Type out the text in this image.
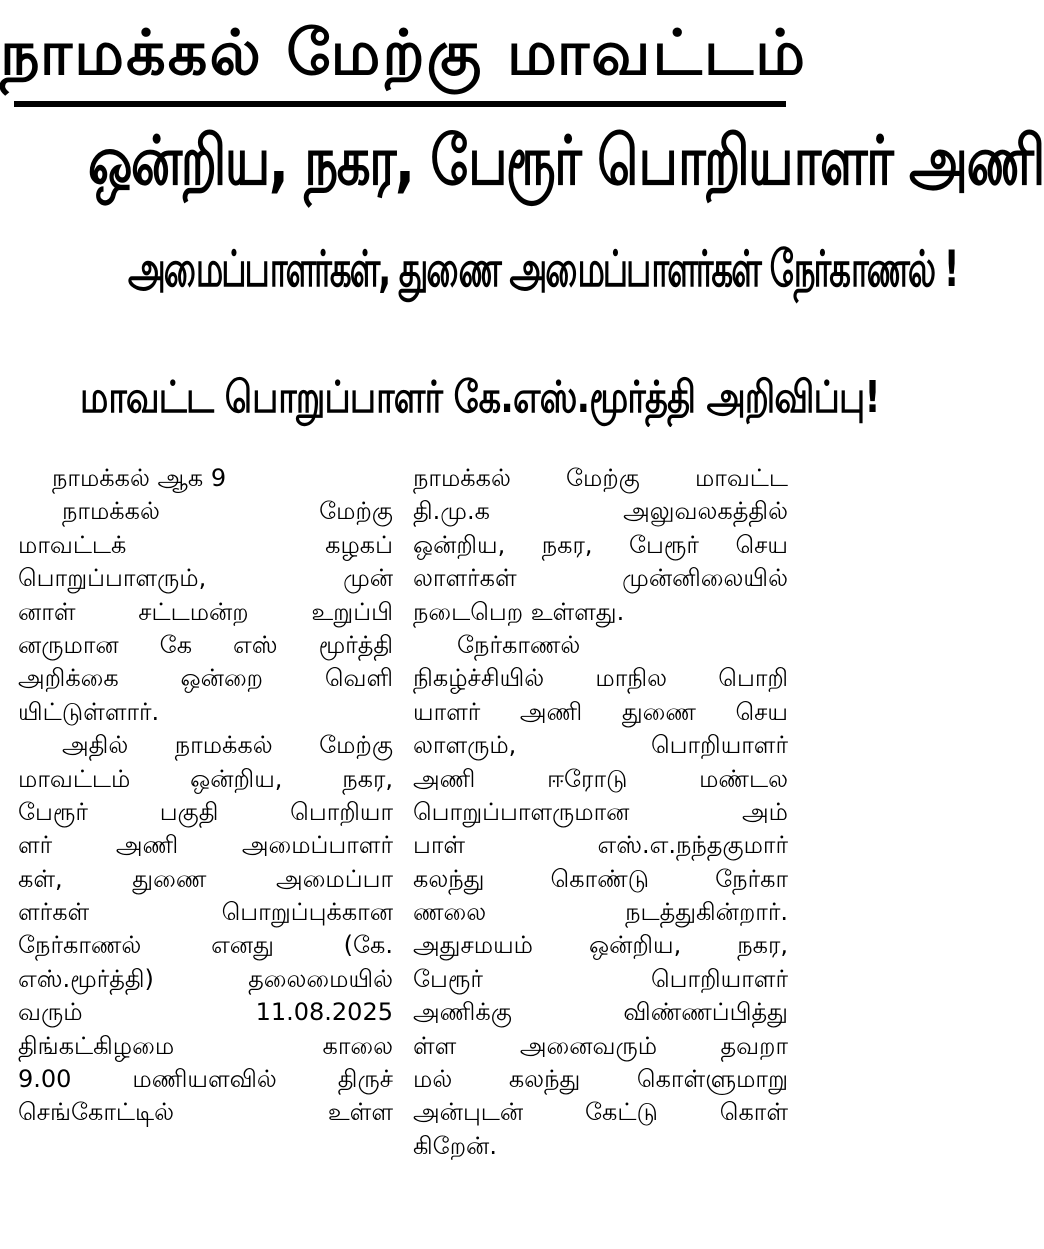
நாமக்கல் மேற்கு மாவட்டம்
ஒன்றிய, நகர, பேரூர் பொறியாளர் அணி
அமைப்பாளர்கள், துணை அமைப்பாளர்கள் நேர்காணல் !
மாவட்ட பொறுப்பாளர் கே.எஸ்.மூர்த்தி அறிவிப்பு!
நாமக்கல் ஆக 9
நாமக்கல் மேற்கு
மாவட்டக் கழகப்
பொறுப்பாளரும், முன்
னாள் சட்டமன்ற உறுப்பி
னருமான கே எஸ் மூர்த்தி
அறிக்கை ஒன்றை வெளி
யிட்டுள்ளார்.
அதில் நாமக்கல் மேற்கு
மாவட்டம் ஒன்றிய, நகர,
பேரூர் பகுதி பொறியா
ளர் அணி அமைப்பாளர்
கள், துணை அமைப்பா
ளர்கள் பொறுப்புக்கான
நேர்காணல் எனது (கே.
எஸ்.மூர்த்தி) தலைமையில்
வரும் 11.08.2025
திங்கட்கிழமை காலை
9.00 மணியளவில் திருச்
செங்கோட்டில் உள்ள
நாமக்கல் மேற்கு மாவட்ட
தி.மு.க அலுவலகத்தில்
ஒன்றிய, நகர, பேரூர் செய
லாளர்கள் முன்னிலையில்
நடைபெற உள்ளது.
நேர்காணல்
நிகழ்ச்சியில் மாநில பொறி
யாளர் அணி துணை செய
லாளரும், பொறியாளர்
அணி ஈரோடு மண்டல
பொறுப்பாளருமான அம்
பாள் எஸ்.எ.நந்தகுமார்
கலந்து கொண்டு நேர்கா
ணலை நடத்துகின்றார்.
அதுசமயம் ஒன்றிய, நகர,
பேரூர் பொறியாளர்
அணிக்கு விண்ணப்பித்து
ள்ள அனைவரும் தவறா
மல் கலந்து கொள்ளுமாறு
அன்புடன் கேட்டு கொள்
கிறேன்.
